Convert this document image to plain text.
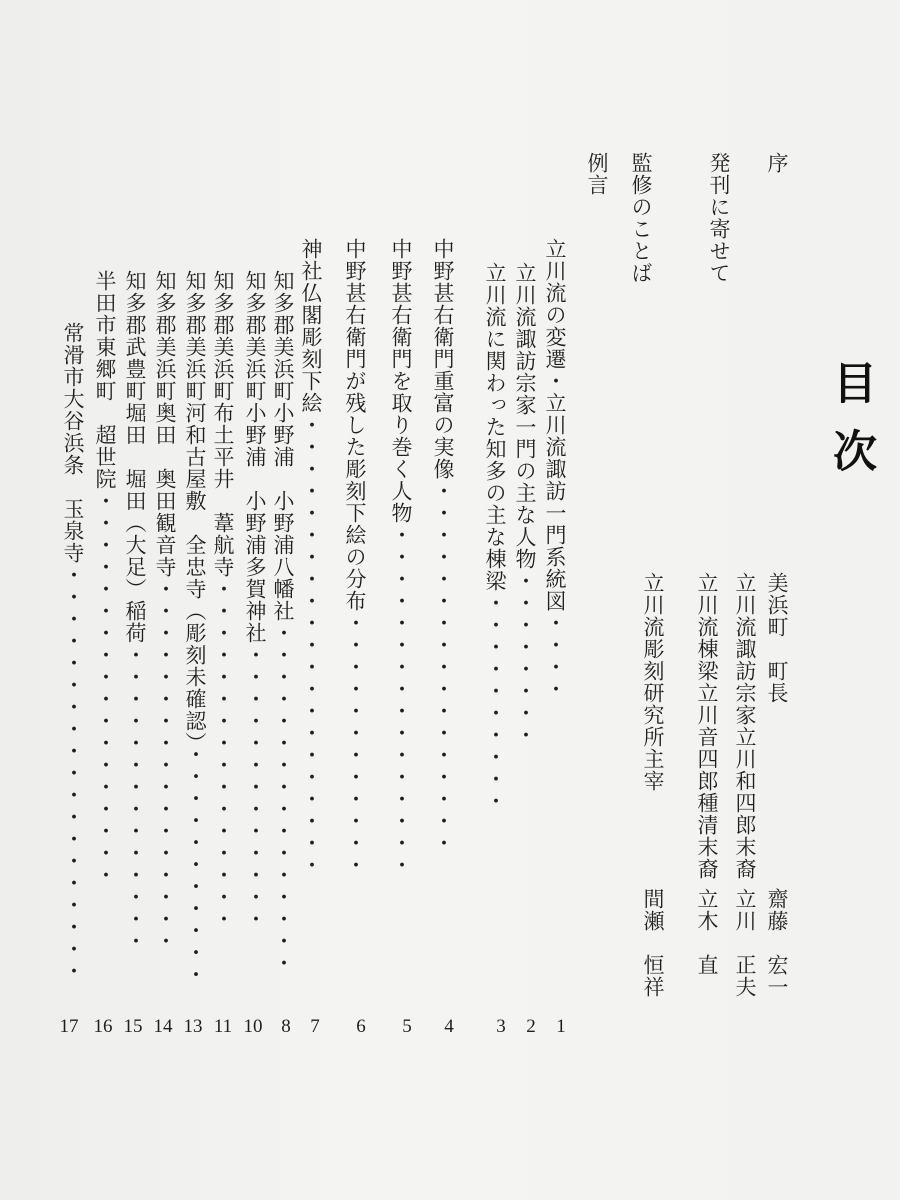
目次
序
美浜町　町長
齋藤　宏一
発刊に寄せて
立川流諏訪宗家立川和四郎末裔
立川　正夫
立川流棟梁立川音四郎種清末裔
立木　直
監修のことば
立川流彫刻研究所主宰
間瀬　恒祥
例言
立川流の変遷・立川流諏訪一門系統図・・・・
1
立川流諏訪宗家一門の主な人物・・・・・・・・
2
立川流に関わった知多の主な棟梁・・・・・・・・・・
3
中野甚右衛門重富の実像・・・・・・・・・・・・・・・・・
4
中野甚右衛門を取り巻く人物・・・・・・・・・・・・・・・・
5
中野甚右衛門が残した彫刻下絵の分布・・・・・・・・・・・・
6
神社仏閣彫刻下絵・・・・・・・・・・・・・・・・・・・・・
7
知多郡美浜町小野浦　小野浦八幡社・・・・・・・・・・・・・・・・
8
知多郡美浜町小野浦　小野浦多賀神社・・・・・・・・・・・・・
10
知多郡美浜町布土平井　葦航寺・・・・・・・・・・・・・・・・
11
知多郡美浜町河和古屋敷　全忠寺（彫刻未確認）・・・・・・・・・・・
13
知多郡美浜町奥田　奥田観音寺・・・・・・・・・・・・・・・・・
14
知多郡武豊町堀田　堀田（大足）稲荷・・・・・・・・・・・・・・
15
半田市東郷町　超世院・・・・・・・・・・・・・・・・・・
16
常滑市大谷浜条　玉泉寺・・・・・・・・・・・・・・・・・・・
17
